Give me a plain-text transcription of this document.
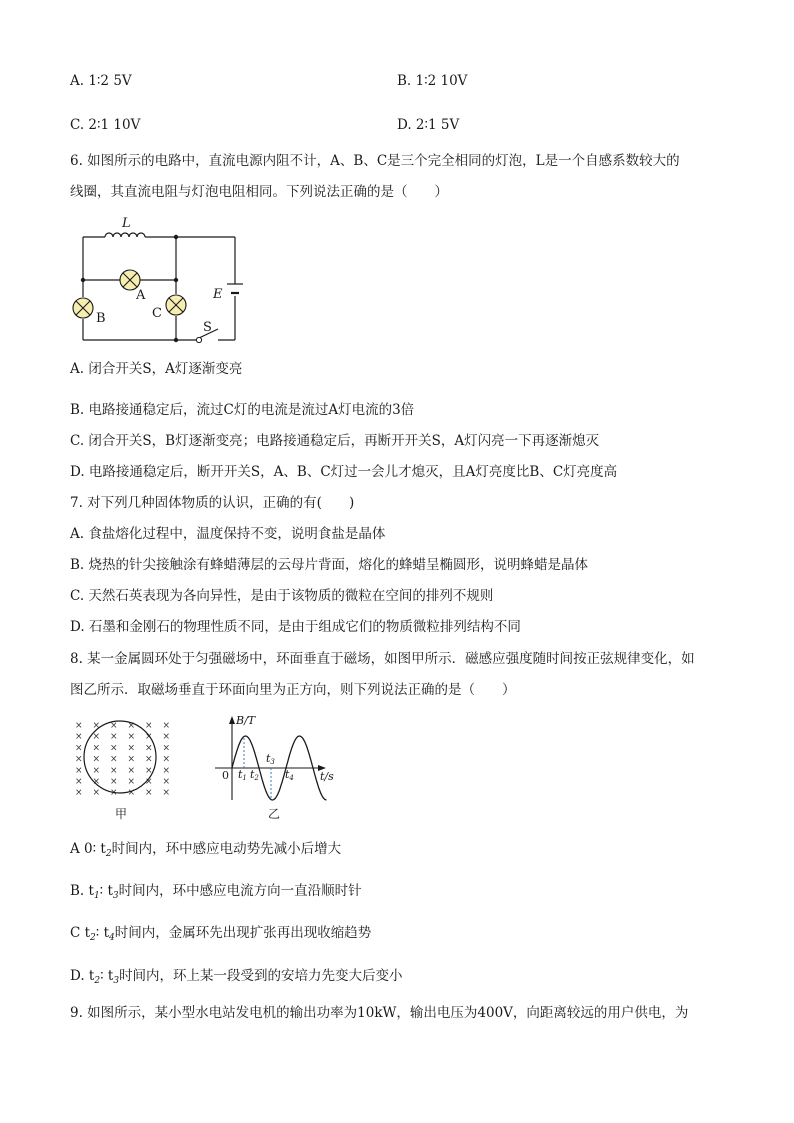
A. 1∶2 5V	B. 1∶2 10V
C. 2∶1 10V	D. 2∶1 5V
6. 如图所示的电路中，直流电源内阻不计，A、B、C是三个完全相同的灯泡，L是一个自感系数较大的
线圈，其直流电阻与灯泡电阻相同。下列说法正确的是（　　）
L
A
B	C
E
S
A. 闭合开关S，A灯逐渐变亮
B. 电路接通稳定后，流过C灯的电流是流过A灯电流的3倍
C. 闭合开关S，B灯逐渐变亮；电路接通稳定后，再断开开关S，A灯闪亮一下再逐渐熄灭
D. 电路接通稳定后，断开开关S，A、B、C灯过一会儿才熄灭，且A灯亮度比B、C灯亮度高
7. 对下列几种固体物质的认识，正确的有(　　)
A. 食盐熔化过程中，温度保持不变，说明食盐是晶体
B. 烧热的针尖接触涂有蜂蜡薄层的云母片背面，熔化的蜂蜡呈椭圆形，说明蜂蜡是晶体
C. 天然石英表现为各向异性，是由于该物质的微粒在空间的排列不规则
D. 石墨和金刚石的物理性质不同，是由于组成它们的物质微粒排列结构不同
8. 某一金属圆环处于匀强磁场中，环面垂直于磁场，如图甲所示．磁感应强度随时间按正弦规律变化，如
图乙所示．取磁场垂直于环面向里为正方向，则下列说法正确的是（　　）
× × × × × ×
× × × × × ×
× × × × × ×
× × × × × ×
× × × × × ×
× × × × × ×
× × × × × ×
甲
B/T
t/s
0 t1 t2
t3
t4
乙
A 0∶ $t_2$时间内，环中感应电动势先减小后增大
B. $t_1∶$ $t_3$时间内，环中感应电流方向一直沿顺时针
C $t_2∶$ $t_4$时间内，金属环先出现扩张再出现收缩趋势
D. $t_2∶$ $t_3$时间内，环上某一段受到的安培力先变大后变小
9. 如图所示，某小型水电站发电机的输出功率为10kW，输出电压为400V，向距离较远的用户供电，为
